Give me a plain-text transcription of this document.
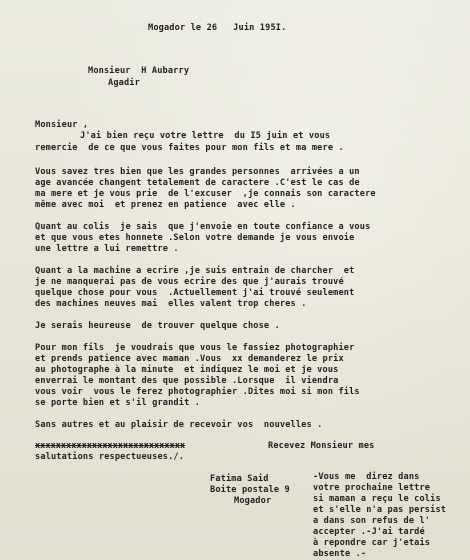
Mogador le 26   Juin 195I.
Monsieur  H Aubarry
Agadir
Monsieur ,
J'ai bien reçu votre lettre  du I5 juin et vous
remercie  de ce que vous faites pour mon fils et ma mere .
Vous savez tres bien que les grandes personnes  arrivées a un
age avancée changent tetalement de caractere .C'est le cas de
ma mere et je vous prie  de l'excuser  ,je connais son caractere
même avec moi  et prenez en patience  avec elle .
Quant au colis  je sais  que j'envoie en toute confiance a vous
et que vous etes honnete .Selon votre demande je vous envoie
une lettre a lui remettre .
Quant a la machine a ecrire ,je suis entrain de charcher  et
je ne manquerai pas de vous ecrire des que j'aurais trouvé
quelque chose pour vous  .Actuellement j'ai trouvé seulement
des machines neuves mai  elles valent trop cheres .
Je serais heureuse  de trouver quelque chose .
Pour mon fils  je voudrais que vous le fassiez photographier
et prends patience avec maman .Vous  xx demanderez le prix
au photographe à la minute  et indiquez le moi et je vous
enverrai le montant des que possible .Lorsque  il viendra
vous voir  vous le ferez photographier .Dites moi si mon fils
se porte bien et s'il grandit .
Sans autres et au plaisir de recevoir vos  nouvelles .
xxxxxxxxxxxxxxxxxxxxxxxxxxxxx	Recevez Monsieur mes
salutations respectueuses./.
Fatima Said
Boite postale 9
Mogador
-Vous me  direz dans
votre prochaine lettre
si maman a reçu le colis
et s'elle n'a pas persist
a dans son refus de l'
accepter .-J'ai tardé
à repondre car j'etais
absente .-
